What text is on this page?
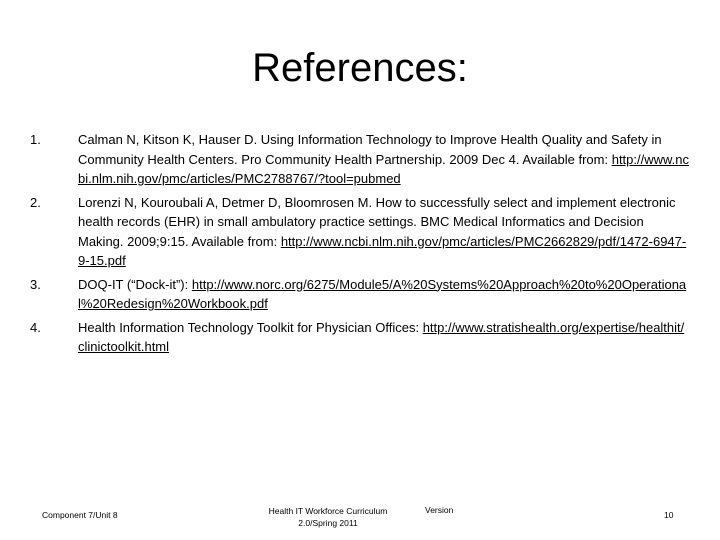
References:
1.	Calman N, Kitson K, Hauser D. Using Information Technology to Improve Health Quality and Safety in Community Health Centers. Pro Community Health Partnership. 2009 Dec 4. Available from: http://www.ncbi.nlm.nih.gov/pmc/articles/PMC2788767/?tool=pubmed
2.	Lorenzi N, Kouroubali A, Detmer D, Bloomrosen M. How to successfully select and implement electronic health records (EHR) in small ambulatory practice settings. BMC Medical Informatics and Decision Making. 2009;9:15. Available from: http://www.ncbi.nlm.nih.gov/pmc/articles/PMC2662829/pdf/1472-6947-9-15.pdf
3.	DOQ-IT (“Dock-it”): http://www.norc.org/6275/Module5/A%20Systems%20Approach%20to%20Operational%20Redesign%20Workbook.pdf
4.	Health Information Technology Toolkit for Physician Offices: http://www.stratishealth.org/expertise/healthit/clinictoolkit.html
Component 7/Unit 8	Health IT Workforce Curriculum
2.0/Spring 2011
Version	10
